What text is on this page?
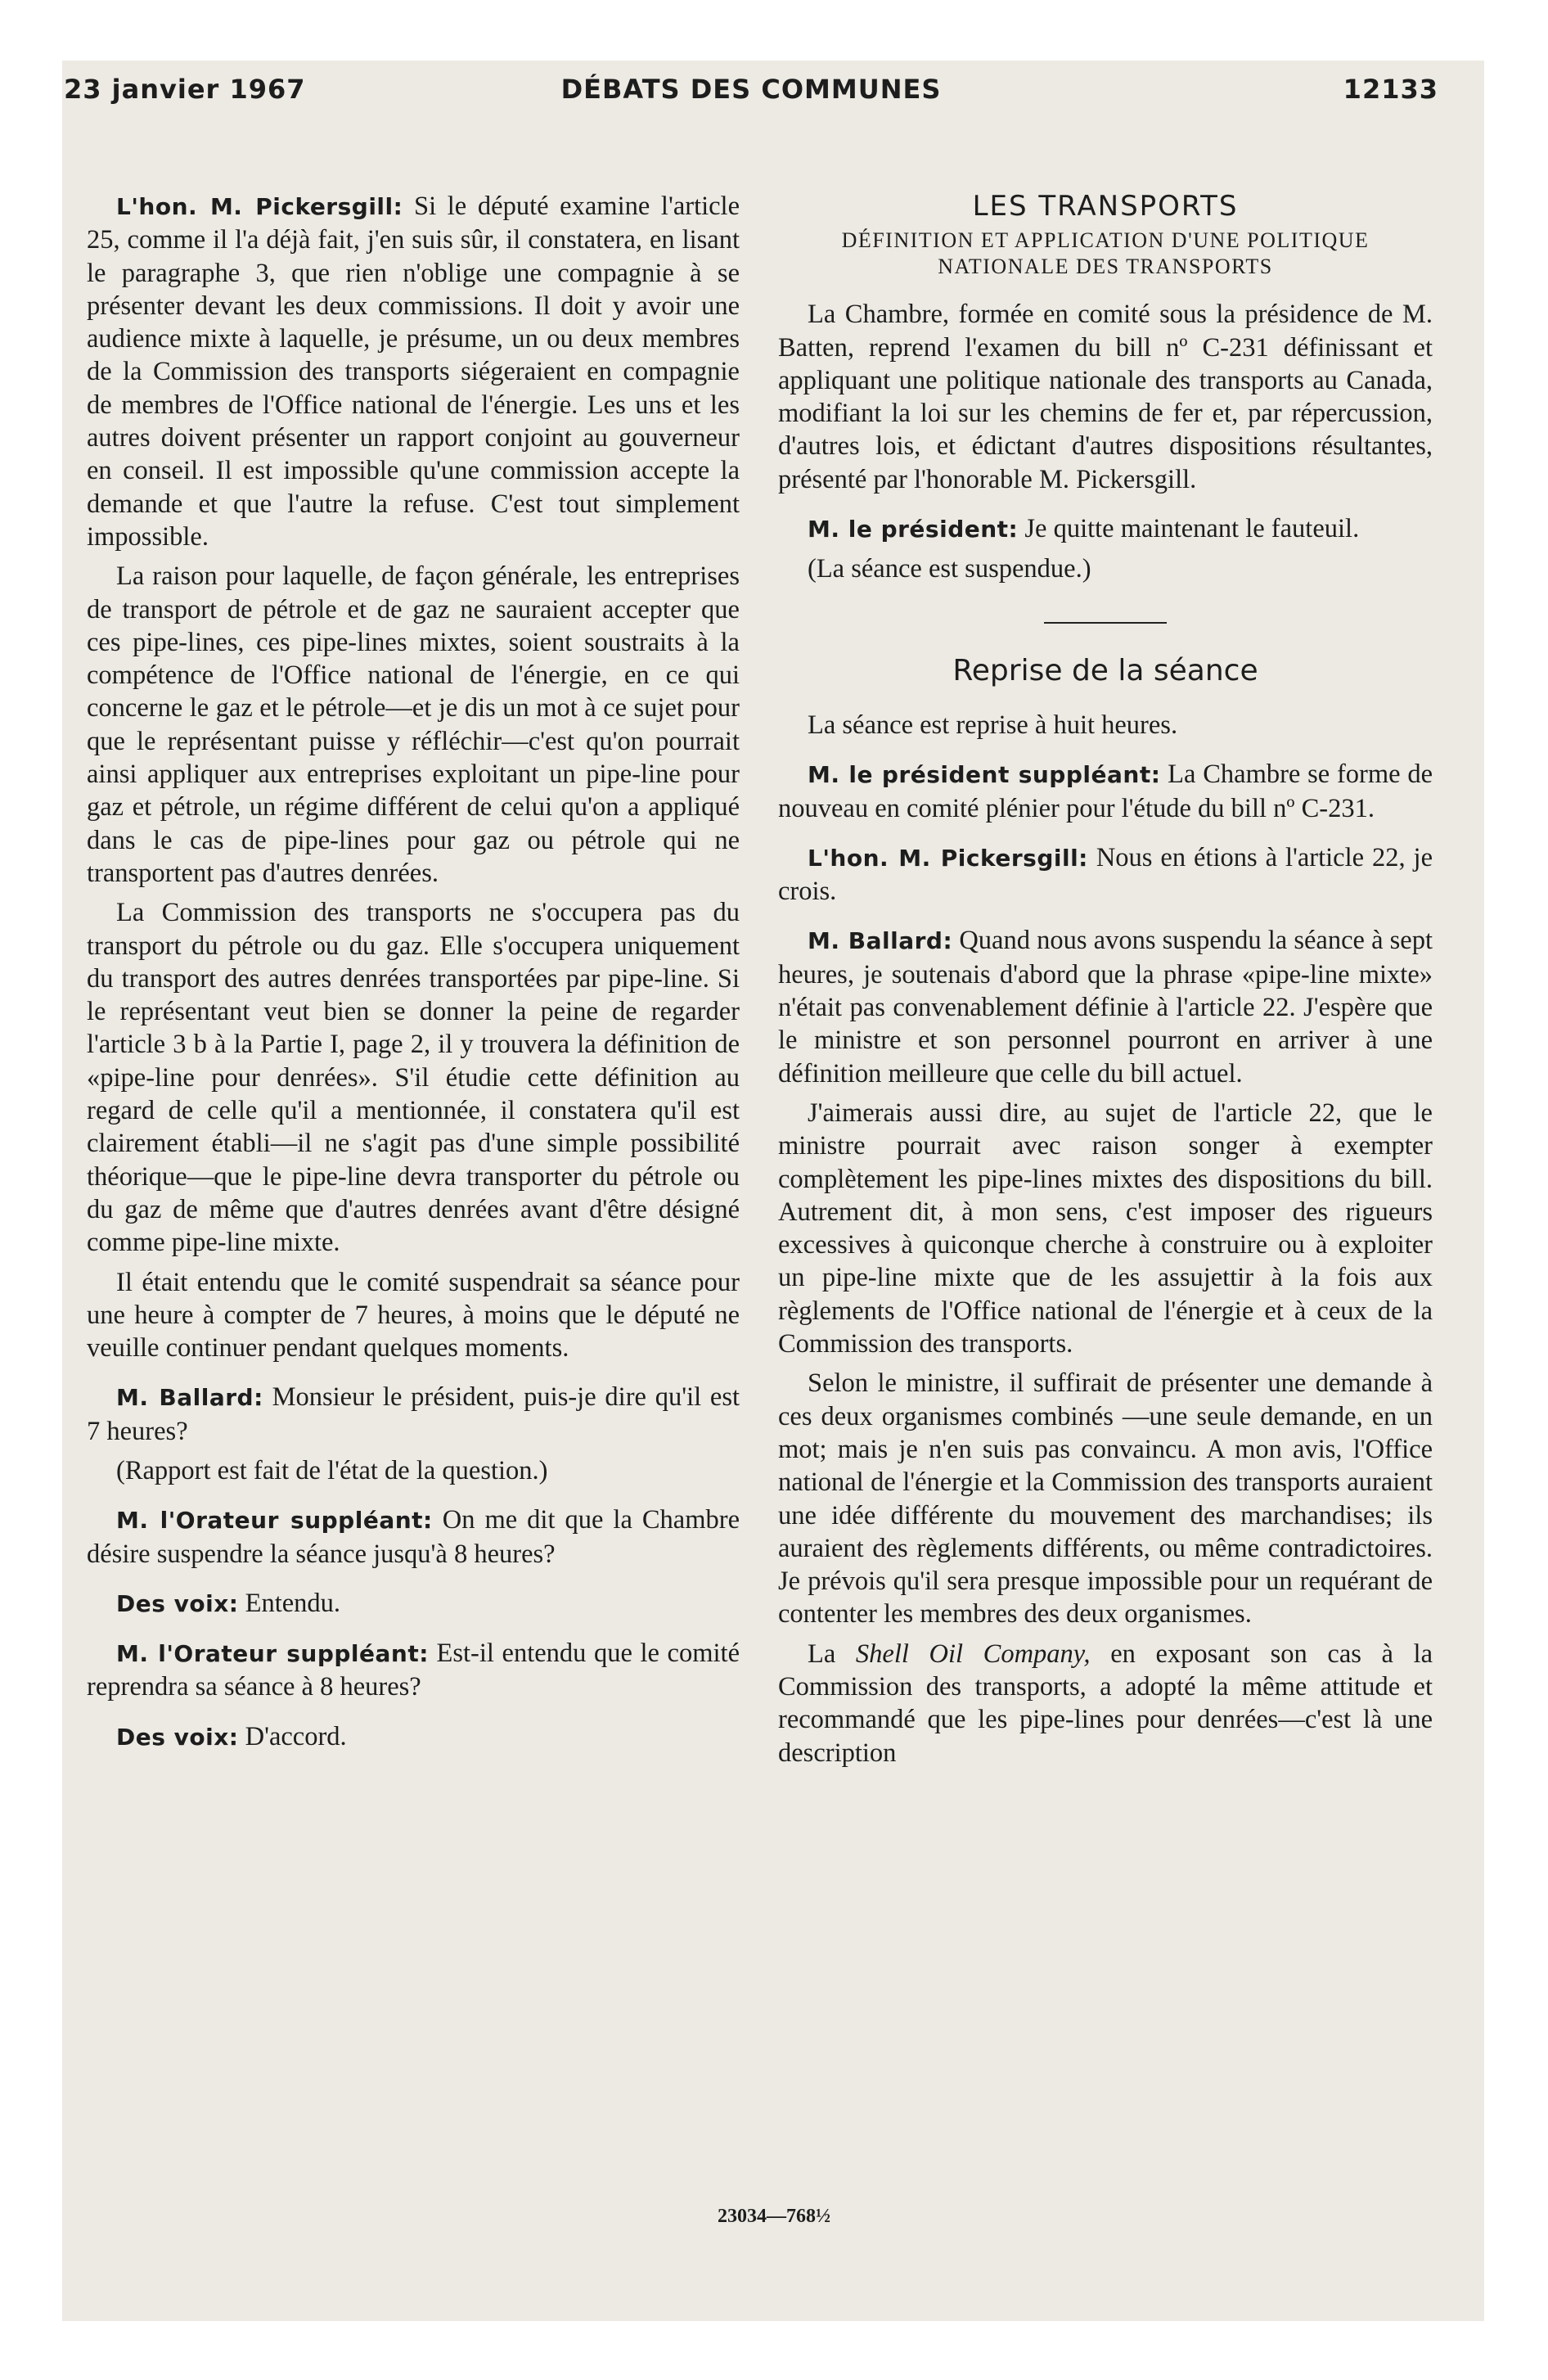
23 janvier 1967	DÉBATS DES COMMUNES	12133

L'hon. M. Pickersgill: Si le député examine l'article 25, comme il l'a déjà fait, j'en suis sûr, il constatera, en lisant le paragraphe 3, que rien n'oblige une compagnie à se présenter devant les deux commissions. Il doit y avoir une audience mixte à laquelle, je présume, un ou deux membres de la Commission des transports siégeraient en compagnie de membres de l'Office national de l'énergie. Les uns et les autres doivent présenter un rapport conjoint au gouverneur en conseil. Il est impossible qu'une commission accepte la demande et que l'autre la refuse. C'est tout simplement impossible.

La raison pour laquelle, de façon générale, les entreprises de transport de pétrole et de gaz ne sauraient accepter que ces pipe-lines, ces pipe-lines mixtes, soient soustraits à la compétence de l'Office national de l'énergie, en ce qui concerne le gaz et le pétrole—et je dis un mot à ce sujet pour que le représentant puisse y réfléchir—c'est qu'on pourrait ainsi appliquer aux entreprises exploitant un pipe-line pour gaz et pétrole, un régime différent de celui qu'on a appliqué dans le cas de pipe-lines pour gaz ou pétrole qui ne transportent pas d'autres denrées.

La Commission des transports ne s'occupera pas du transport du pétrole ou du gaz. Elle s'occupera uniquement du transport des autres denrées transportées par pipe-line. Si le représentant veut bien se donner la peine de regarder l'article 3 b à la Partie I, page 2, il y trouvera la définition de «pipe-line pour denrées». S'il étudie cette définition au regard de celle qu'il a mentionnée, il constatera qu'il est clairement établi—il ne s'agit pas d'une simple possibilité théorique—que le pipe-line devra transporter du pétrole ou du gaz de même que d'autres denrées avant d'être désigné comme pipe-line mixte.

Il était entendu que le comité suspendrait sa séance pour une heure à compter de 7 heures, à moins que le député ne veuille continuer pendant quelques moments.

M. Ballard: Monsieur le président, puis-je dire qu'il est 7 heures?

(Rapport est fait de l'état de la question.)

M. l'Orateur suppléant: On me dit que la Chambre désire suspendre la séance jusqu'à 8 heures?

Des voix: Entendu.

M. l'Orateur suppléant: Est-il entendu que le comité reprendra sa séance à 8 heures?

Des voix: D'accord.

LES TRANSPORTS
DÉFINITION ET APPLICATION D'UNE POLITIQUE NATIONALE DES TRANSPORTS

La Chambre, formée en comité sous la présidence de M. Batten, reprend l'examen du bill nº C-231 définissant et appliquant une politique nationale des transports au Canada, modifiant la loi sur les chemins de fer et, par répercussion, d'autres lois, et édictant d'autres dispositions résultantes, présenté par l'honorable M. Pickersgill.

M. le président: Je quitte maintenant le fauteuil.

(La séance est suspendue.)

Reprise de la séance

La séance est reprise à huit heures.

M. le président suppléant: La Chambre se forme de nouveau en comité plénier pour l'étude du bill nº C-231.

L'hon. M. Pickersgill: Nous en étions à l'article 22, je crois.

M. Ballard: Quand nous avons suspendu la séance à sept heures, je soutenais d'abord que la phrase «pipe-line mixte» n'était pas convenablement définie à l'article 22. J'espère que le ministre et son personnel pourront en arriver à une définition meilleure que celle du bill actuel.

J'aimerais aussi dire, au sujet de l'article 22, que le ministre pourrait avec raison songer à exempter complètement les pipe-lines mixtes des dispositions du bill. Autrement dit, à mon sens, c'est imposer des rigueurs excessives à quiconque cherche à construire ou à exploiter un pipe-line mixte que de les assujettir à la fois aux règlements de l'Office national de l'énergie et à ceux de la Commission des transports.

Selon le ministre, il suffirait de présenter une demande à ces deux organismes combinés —une seule demande, en un mot; mais je n'en suis pas convaincu. A mon avis, l'Office national de l'énergie et la Commission des transports auraient une idée différente du mouvement des marchandises; ils auraient des règlements différents, ou même contradictoires. Je prévois qu'il sera presque impossible pour un requérant de contenter les membres des deux organismes.

La Shell Oil Company, en exposant son cas à la Commission des transports, a adopté la même attitude et recommandé que les pipe-lines pour denrées—c'est là une description

23034—768½
